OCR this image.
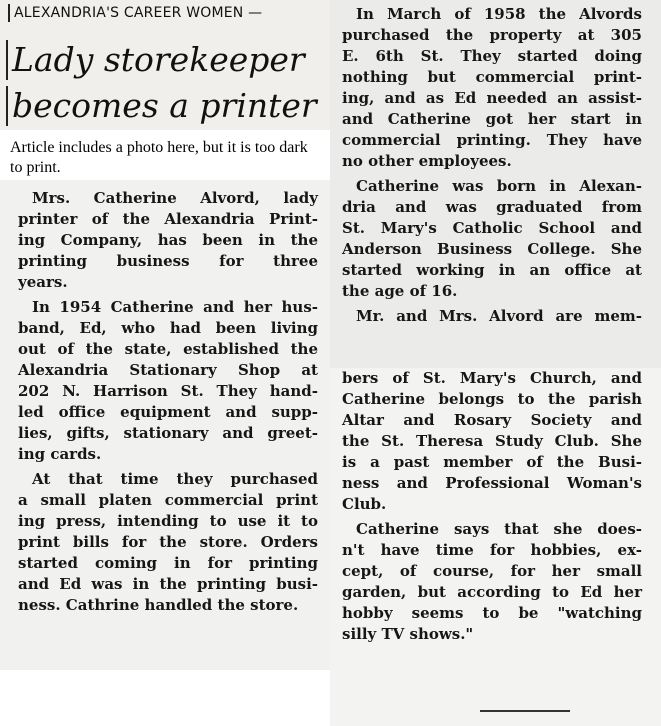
ALEXANDRIA'S CAREER WOMEN —
Lady storekeeper
becomes a printer
Article includes a photo here, but it is too dark to print.
Mrs. Catherine Alvord, lady
printer of the Alexandria Print-
ing Company, has been in the
printing business for three
years.
In 1954 Catherine and her hus-
band, Ed, who had been living
out of the state, established the
Alexandria Stationary Shop at
202 N. Harrison St. They hand-
led office equipment and supp-
lies, gifts, stationary and greet-
ing cards.
At that time they purchased
a small platen commercial print
ing press, intending to use it to
print bills for the store. Orders
started coming in for printing
and Ed was in the printing busi-
ness. Cathrine handled the store.
In March of 1958 the Alvords
purchased the property at 305
E. 6th St. They started doing
nothing but commercial print-
ing, and as Ed needed an assist-
and Catherine got her start in
commercial printing. They have
no other employees.
Catherine was born in Alexan-
dria and was graduated from
St. Mary's Catholic School and
Anderson Business College. She
started working in an office at
the age of 16.
Mr. and Mrs. Alvord are mem-
bers of St. Mary's Church, and
Catherine belongs to the parish
Altar and Rosary Society and
the St. Theresa Study Club. She
is a past member of the Busi-
ness and Professional Woman's
Club.
Catherine says that she does-
n't have time for hobbies, ex-
cept, of course, for her small
garden, but according to Ed her
hobby seems to be "watching
silly TV shows."
